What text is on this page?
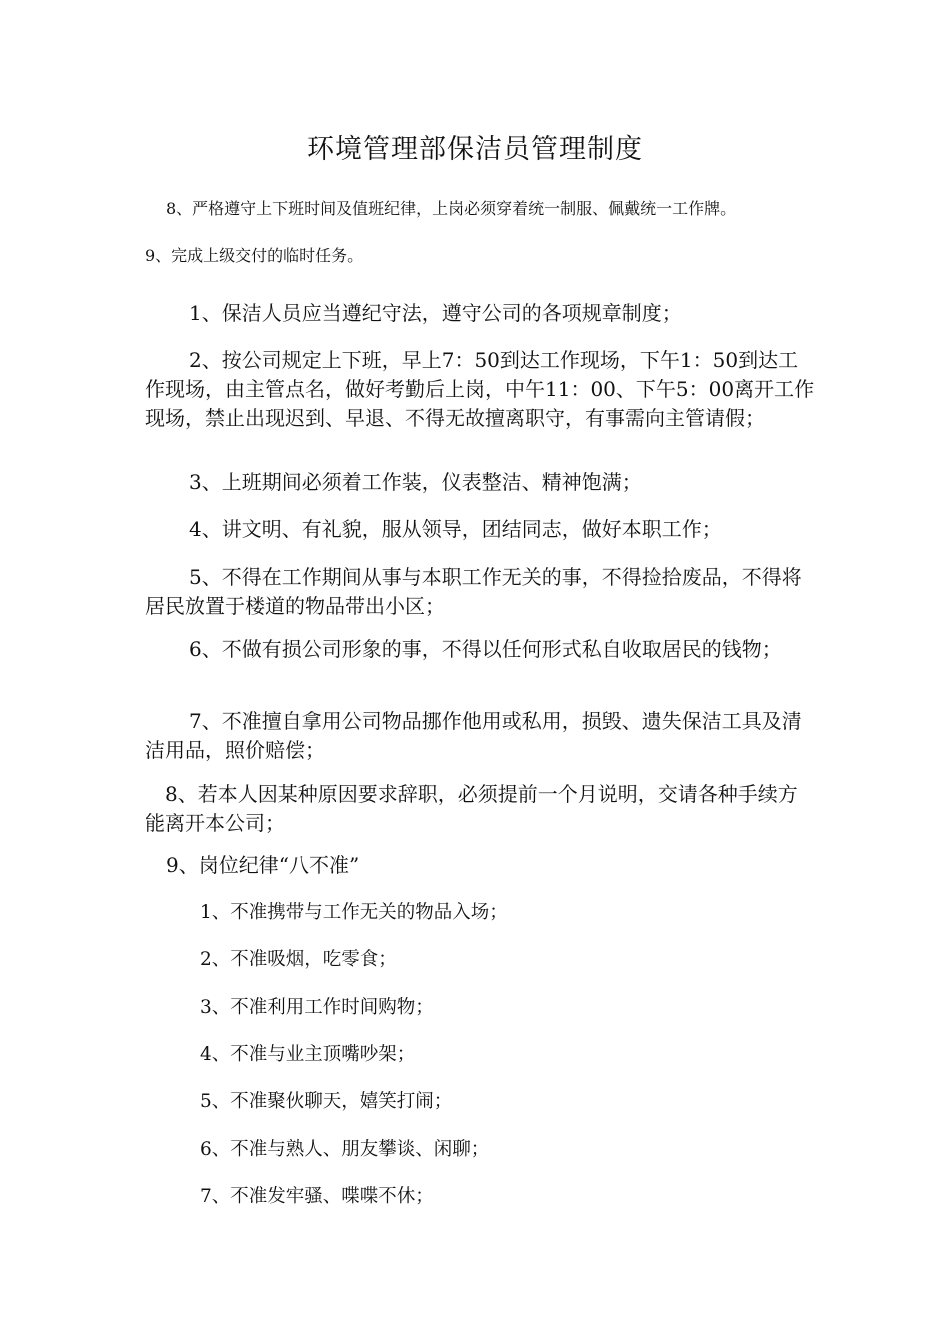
环境管理部保洁员管理制度
8、严格遵守上下班时间及值班纪律，上岗必须穿着统一制服、佩戴统一工作牌。
9、完成上级交付的临时任务。
1、保洁人员应当遵纪守法，遵守公司的各项规章制度；
2、按公司规定上下班，早上7：50到达工作现场，下午1：50到达工作现场，由主管点名，做好考勤后上岗，中午11：00、下午5：00离开工作现场，禁止出现迟到、早退、不得无故擅离职守，有事需向主管请假；
3、上班期间必须着工作装，仪表整洁、精神饱满；
4、讲文明、有礼貌，服从领导，团结同志，做好本职工作；
5、不得在工作期间从事与本职工作无关的事，不得捡拾废品，不得将居民放置于楼道的物品带出小区；
6、不做有损公司形象的事，不得以任何形式私自收取居民的钱物；
7、不准擅自拿用公司物品挪作他用或私用，损毁、遗失保洁工具及清洁用品，照价赔偿；
8、若本人因某种原因要求辞职，必须提前一个月说明，交请各种手续方能离开本公司；
9、岗位纪律“八不准”
1、不准携带与工作无关的物品入场；
2、不准吸烟，吃零食；
3、不准利用工作时间购物；
4、不准与业主顶嘴吵架；
5、不准聚伙聊天，嬉笑打闹；
6、不准与熟人、朋友攀谈、闲聊；
7、不准发牢骚、喋喋不休；
